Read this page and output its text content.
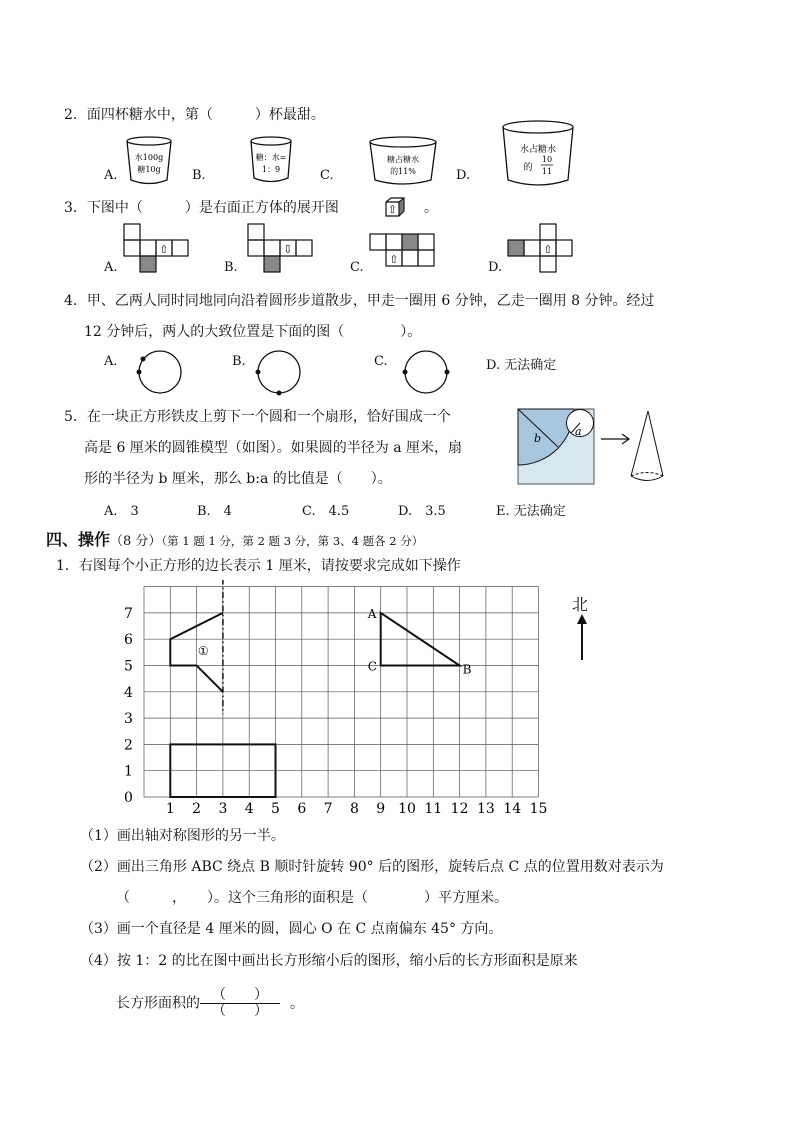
2．面四杯糖水中，第（　　　）杯最甜。
A.
水100g
糖10g B.
糖：水=
1：9	C.
糖占糖水
的11%	D.
水占糖水
的
10
11
3．下图中（　　　）是右面正方体的展开图	⇧ 。
A.
⇧
B.
⇩
C.
⇧
D.
⇧
4．甲、乙两人同时同地同向沿着圆形步道散步，甲走一圈用 6 分钟，乙走一圈用 8 分钟。经过
12 分钟后，两人的大致位置是下面的图（　　　　）。
A.	B.	C.	D. 无法确定
5．在一块正方形铁皮上剪下一个圆和一个扇形，恰好围成一个
高是 6 厘米的圆锥模型（如图）。如果圆的半径为 a 厘米，扇
形的半径为 b 厘米，那么 b:a 的比值是（　　）。
b
a
A.　3	B.　4	C.　4.5	D.　3.5	E. 无法确定
四、操作（8 分）（第 1 题 1 分，第 2 题 3 分，第 3、4 题各 2 分）
1．右图每个小正方形的边长表示 1 厘米，请按要求完成如下操作
0
1
2
3
4
5
6
7
1 2 3 4 5 6 7 8 9 10 11 12 13 14 15
①
A
B
C
北
（1）画出轴对称图形的另一半。
（2）画出三角形 ABC 绕点 B 顺时针旋转 90° 后的图形，旋转后点 C 点的位置用数对表示为
（　　　，　　）。这个三角形的面积是（　　　　）平方厘米。
（3）画一个直径是 4 厘米的圆，圆心 O 在 C 点南偏东 45° 方向。
（4）按 1：2 的比在图中画出长方形缩小后的图形，缩小后的长方形面积是原来
长方形面积的 $\frac{( )}{( )}$ 。
